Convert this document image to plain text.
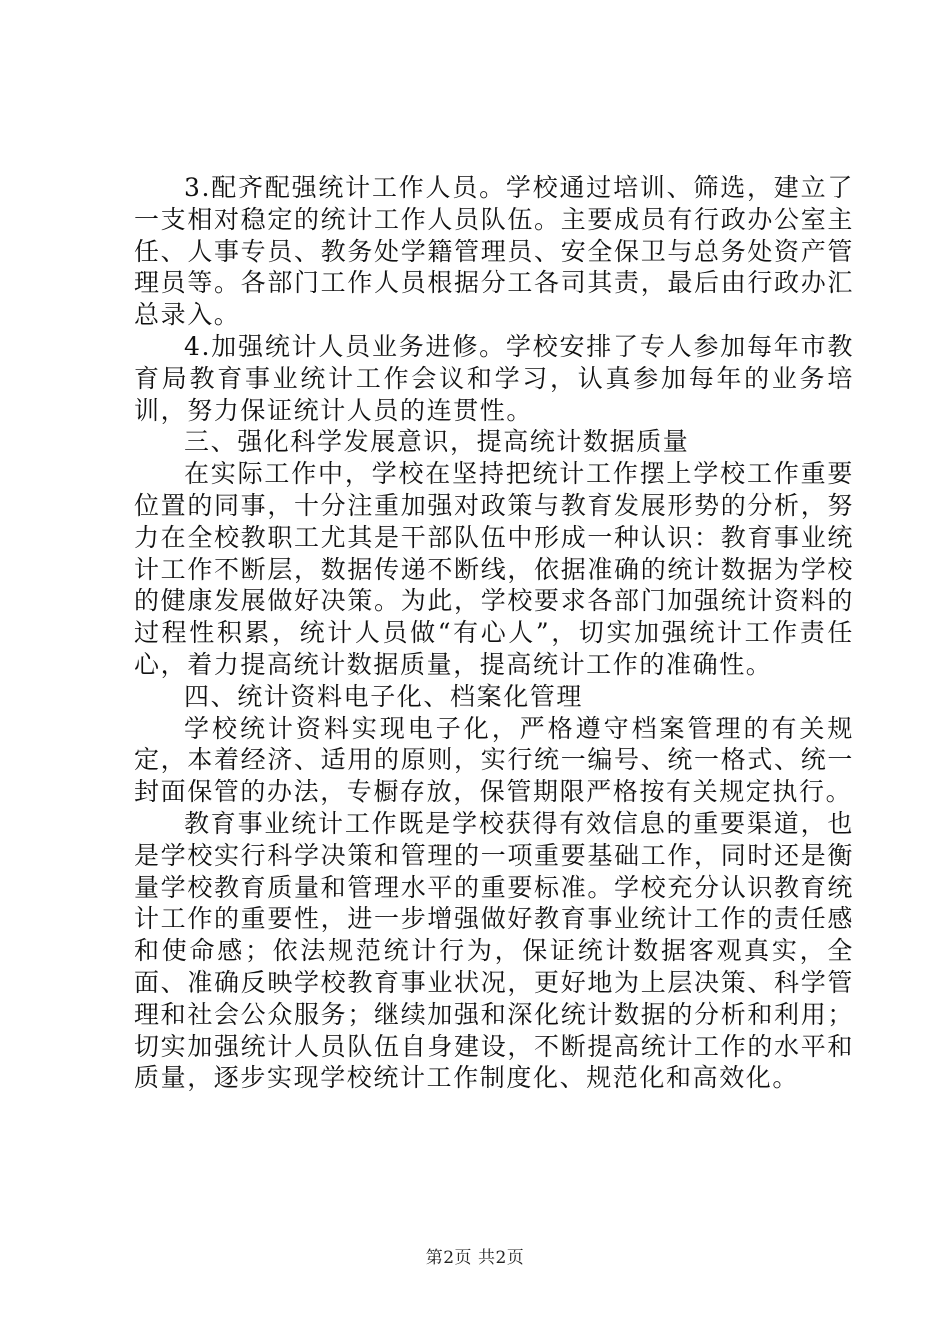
3.配齐配强统计工作人员。学校通过培训、筛选，建立了一支相对稳定的统计工作人员队伍。主要成员有行政办公室主任、人事专员、教务处学籍管理员、安全保卫与总务处资产管理员等。各部门工作人员根据分工各司其责，最后由行政办汇总录入。

4.加强统计人员业务进修。学校安排了专人参加每年市教育局教育事业统计工作会议和学习，认真参加每年的业务培训，努力保证统计人员的连贯性。

三、强化科学发展意识，提高统计数据质量

在实际工作中，学校在坚持把统计工作摆上学校工作重要位置的同事，十分注重加强对政策与教育发展形势的分析，努力在全校教职工尤其是干部队伍中形成一种认识：教育事业统计工作不断层，数据传递不断线，依据准确的统计数据为学校的健康发展做好决策。为此，学校要求各部门加强统计资料的过程性积累，统计人员做“有心人”，切实加强统计工作责任心，着力提高统计数据质量，提高统计工作的准确性。

四、统计资料电子化、档案化管理

学校统计资料实现电子化，严格遵守档案管理的有关规定，本着经济、适用的原则，实行统一编号、统一格式、统一封面保管的办法，专橱存放，保管期限严格按有关规定执行。

教育事业统计工作既是学校获得有效信息的重要渠道，也是学校实行科学决策和管理的一项重要基础工作，同时还是衡量学校教育质量和管理水平的重要标准。学校充分认识教育统计工作的重要性，进一步增强做好教育事业统计工作的责任感和使命感；依法规范统计行为，保证统计数据客观真实，全面、准确反映学校教育事业状况，更好地为上层决策、科学管理和社会公众服务；继续加强和深化统计数据的分析和利用；切实加强统计人员队伍自身建设，不断提高统计工作的水平和质量，逐步实现学校统计工作制度化、规范化和高效化。

第2页 共2页
